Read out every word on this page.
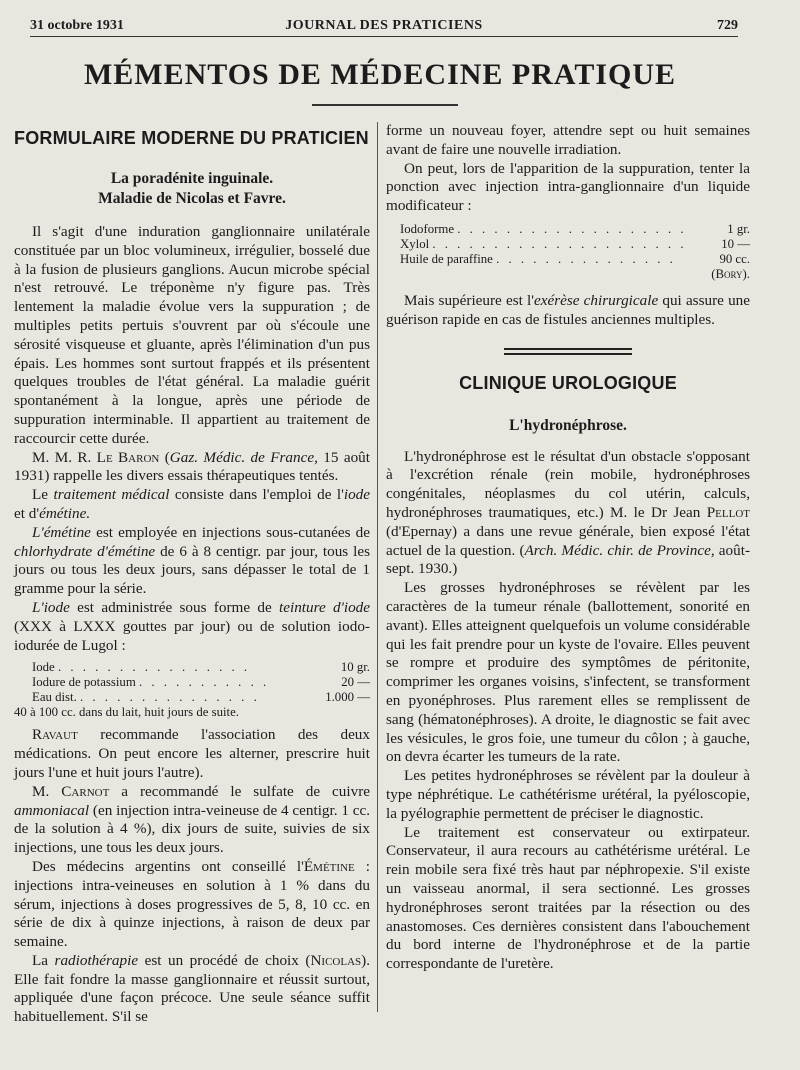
31 octobre 1931	JOURNAL DES PRATICIENS	729
MÉMENTOS DE MÉDECINE PRATIQUE
FORMULAIRE MODERNE DU PRATICIEN
La poradénite inguinale.
Maladie de Nicolas et Favre.

Il s'agit d'une induration ganglionnaire unilatérale constituée par un bloc volumineux, irrégulier, bosselé due à la fusion de plusieurs ganglions. Aucun microbe spécial n'est retrouvé. Le tréponème n'y figure pas. Très lentement la maladie évolue vers la suppuration ; de multiples petits pertuis s'ouvrent par où s'écoule une sérosité visqueuse et gluante, après l'élimination d'un pus épais. Les hommes sont surtout frappés et ils présentent quelques troubles de l'état général. La maladie guérit spontanément à la longue, après une période de suppuration interminable. Il appartient au traitement de raccourcir cette durée.

M. M. R. Le Baron (Gaz. Médic. de France, 15 août 1931) rappelle les divers essais thérapeutiques tentés.

Le traitement médical consiste dans l'emploi de l'iode et d'émétine.

L'émétine est employée en injections sous-cutanées de chlorhydrate d'émétine de 6 à 8 centigr. par jour, tous les jours ou tous les deux jours, sans dépasser le total de 1 gramme pour la série.

L'iode est administrée sous forme de teinture d'iode (XXX à LXXX gouttes par jour) ou de solution iodo-iodurée de Lugol :

Iode . . . . . . . . . . . . . . . .	10 gr.
Iodure de potassium . . . . . . . . . . .	20 —
Eau dist. . . . . . . . . . . . . . . .	1.000 —
40 à 100 cc. dans du lait, huit jours de suite.

Ravaut recommande l'association des deux médications. On peut encore les alterner, prescrire huit jours l'une et huit jours l'autre).

M. Carnot a recommandé le sulfate de cuivre ammoniacal (en injection intra-veineuse de 4 centigr. 1 cc. de la solution à 4 %), dix jours de suite, suivies de six injections, une tous les deux jours.

Des médecins argentins ont conseillé l'Émétine : injections intra-veineuses en solution à 1 % dans du sérum, injections à doses progressives de 5, 8, 10 cc. en série de dix à quinze injections, à raison de deux par semaine.

La radiothérapie est un procédé de choix (Nicolas). Elle fait fondre la masse ganglionnaire et réussit surtout, appliquée d'une façon précoce. Une seule séance suffit habituellement. S'il se

forme un nouveau foyer, attendre sept ou huit semaines avant de faire une nouvelle irradiation.

On peut, lors de l'apparition de la suppuration, tenter la ponction avec injection intra-ganglionnaire d'un liquide modificateur :

Iodoforme . . . . . . . . . . . . . . . . . . .	1 gr.
Xylol . . . . . . . . . . . . . . . . . . . . .	10 —
Huile de paraffine . . . . . . . . . . . . . . .	90 cc.
(Bory).

Mais supérieure est l'exérèse chirurgicale qui assure une guérison rapide en cas de fistules anciennes multiples.

CLINIQUE UROLOGIQUE
L'hydronéphrose.

L'hydronéphrose est le résultat d'un obstacle s'opposant à l'excrétion rénale (rein mobile, hydronéphroses congénitales, néoplasmes du col utérin, calculs, hydronéphroses traumatiques, etc.) M. le Dr Jean Pellot (d'Epernay) a dans une revue générale, bien exposé l'état actuel de la question. (Arch. Médic. chir. de Province, août-sept. 1930.)

Les grosses hydronéphroses se révèlent par les caractères de la tumeur rénale (ballottement, sonorité en avant). Elles atteignent quelquefois un volume considérable qui les fait prendre pour un kyste de l'ovaire. Elles peuvent se rompre et produire des symptômes de péritonite, comprimer les organes voisins, s'infectent, se transforment en pyonéphroses. Plus rarement elles se remplissent de sang (hématonéphroses). A droite, le diagnostic se fait avec les vésicules, le gros foie, une tumeur du côlon ; à gauche, on devra écarter les tumeurs de la rate.

Les petites hydronéphroses se révèlent par la douleur à type néphrétique. Le cathétérisme urétéral, la pyéloscopie, la pyélographie permettent de préciser le diagnostic.

Le traitement est conservateur ou extirpateur. Conservateur, il aura recours au cathétérisme urétéral. Le rein mobile sera fixé très haut par néphropexie. S'il existe un vaisseau anormal, il sera sectionné. Les grosses hydronéphroses seront traitées par la résection ou des anastomoses. Ces dernières consistent dans l'abouchement du bord interne de l'hydronéphrose et de la partie correspondante de l'uretère.
